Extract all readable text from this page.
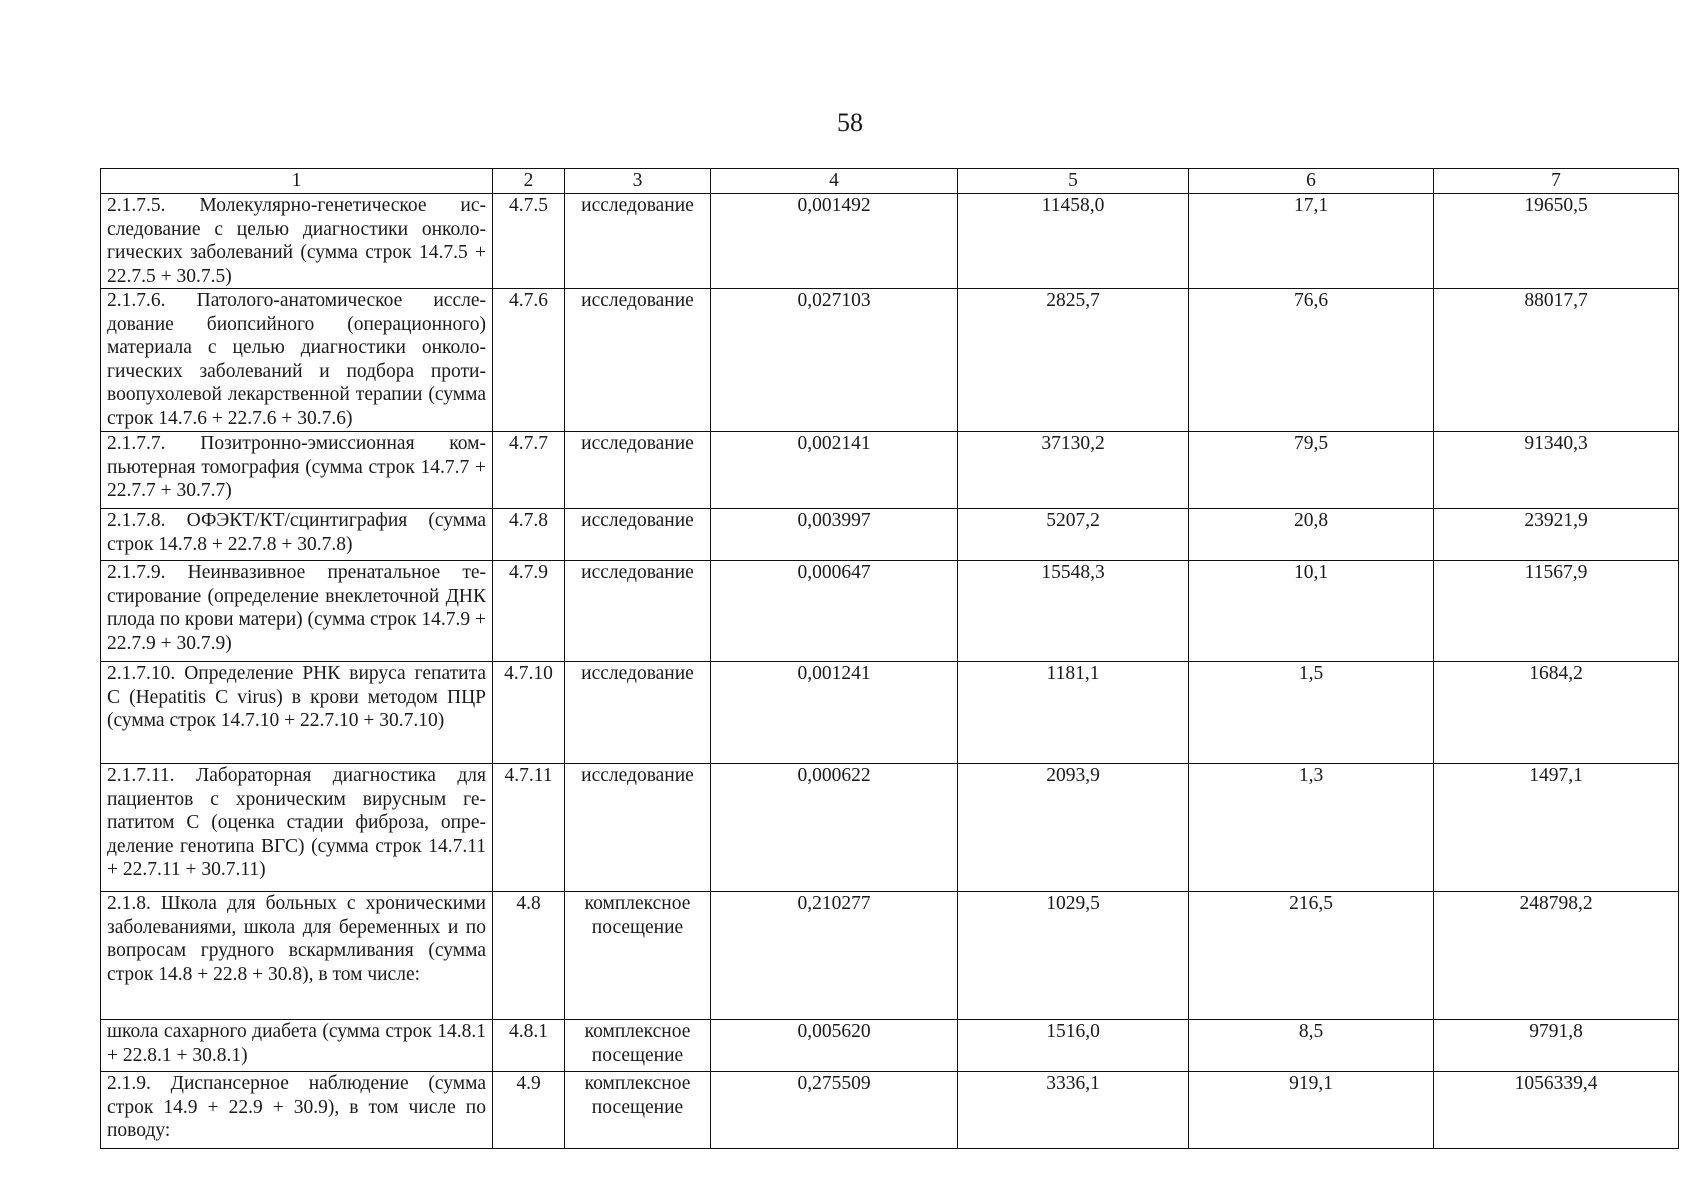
58
1	2	3	4	5	6	7
2.1.7.5. Молекулярно-генетическое исследование с целью диагностики онкологических заболеваний (сумма строк 14.7.5 + 22.7.5 + 30.7.5)	4.7.5	исследование	0,001492	11458,0	17,1	19650,5
2.1.7.6. Патолого-анатомическое исследование биопсийного (операционного) материала с целью диагностики онкологических заболеваний и подбора противоопухолевой лекарственной терапии (сумма строк 14.7.6 + 22.7.6 + 30.7.6)	4.7.6	исследование	0,027103	2825,7	76,6	88017,7
2.1.7.7. Позитронно-эмиссионная компьютерная томография (сумма строк 14.7.7 + 22.7.7 + 30.7.7)	4.7.7	исследование	0,002141	37130,2	79,5	91340,3
2.1.7.8. ОФЭКТ/КТ/сцинтиграфия (сумма строк 14.7.8 + 22.7.8 + 30.7.8)	4.7.8	исследование	0,003997	5207,2	20,8	23921,9
2.1.7.9. Неинвазивное пренатальное тестирование (определение внеклеточной ДНК плода по крови матери) (сумма строк 14.7.9 + 22.7.9 + 30.7.9)	4.7.9	исследование	0,000647	15548,3	10,1	11567,9
2.1.7.10. Определение РНК вируса гепатита С (Hepatitis C virus) в крови методом ПЦР (сумма строк 14.7.10 + 22.7.10 + 30.7.10)	4.7.10	исследование	0,001241	1181,1	1,5	1684,2
2.1.7.11. Лабораторная диагностика для пациентов с хроническим вирусным гепатитом С (оценка стадии фиброза, определение генотипа ВГС) (сумма строк 14.7.11 + 22.7.11 + 30.7.11)	4.7.11	исследование	0,000622	2093,9	1,3	1497,1
2.1.8. Школа для больных с хроническими заболеваниями, школа для беременных и по вопросам грудного вскармливания (сумма строк 14.8 + 22.8 + 30.8), в том числе:	4.8	комплексное посещение	0,210277	1029,5	216,5	248798,2
школа сахарного диабета (сумма строк 14.8.1 + 22.8.1 + 30.8.1)	4.8.1	комплексное посещение	0,005620	1516,0	8,5	9791,8
2.1.9. Диспансерное наблюдение (сумма строк 14.9 + 22.9 + 30.9), в том числе по поводу:	4.9	комплексное посещение	0,275509	3336,1	919,1	1056339,4
